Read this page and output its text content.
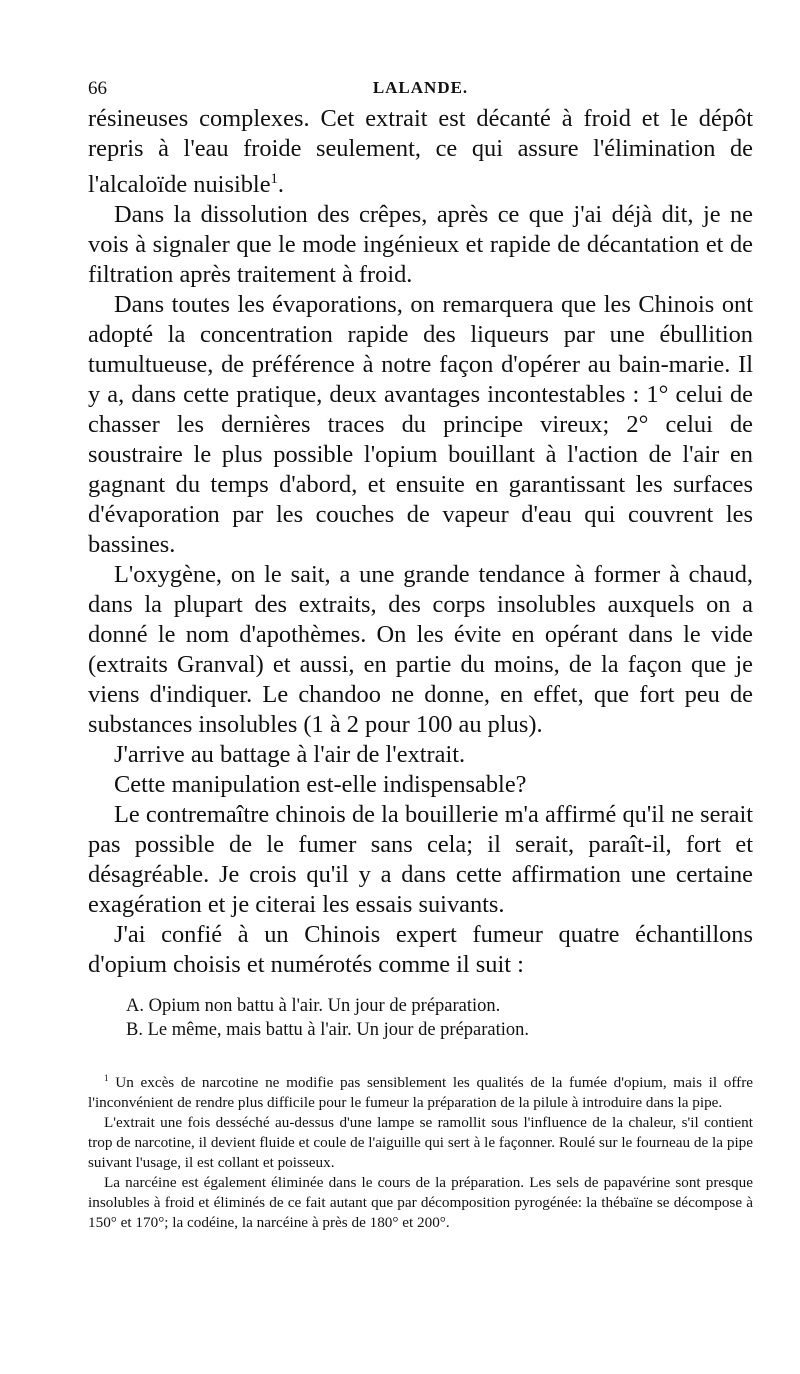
66	LALANDE.

résineuses complexes. Cet extrait est décanté à froid et le dépôt repris à l'eau froide seulement, ce qui assure l'élimination de l'alcaloïde nuisible$^1$.

Dans la dissolution des crêpes, après ce que j'ai déjà dit, je ne vois à signaler que le mode ingénieux et rapide de décantation et de filtration après traitement à froid.

Dans toutes les évaporations, on remarquera que les Chinois ont adopté la concentration rapide des liqueurs par une ébullition tumultueuse, de préférence à notre façon d'opérer au bain-marie. Il y a, dans cette pratique, deux avantages incontestables : 1° celui de chasser les dernières traces du principe vireux; 2° celui de soustraire le plus possible l'opium bouillant à l'action de l'air en gagnant du temps d'abord, et ensuite en garantissant les surfaces d'évaporation par les couches de vapeur d'eau qui couvrent les bassines.

L'oxygène, on le sait, a une grande tendance à former à chaud, dans la plupart des extraits, des corps insolubles auxquels on a donné le nom d'apothèmes. On les évite en opérant dans le vide (extraits Granval) et aussi, en partie du moins, de la façon que je viens d'indiquer. Le chandoo ne donne, en effet, que fort peu de substances insolubles (1 à 2 pour 100 au plus).

J'arrive au battage à l'air de l'extrait.

Cette manipulation est-elle indispensable?

Le contremaître chinois de la bouillerie m'a affirmé qu'il ne serait pas possible de le fumer sans cela; il serait, paraît-il, fort et désagréable. Je crois qu'il y a dans cette affirmation une certaine exagération et je citerai les essais suivants.

J'ai confié à un Chinois expert fumeur quatre échantillons d'opium choisis et numérotés comme il suit :

A. Opium non battu à l'air. Un jour de préparation.
B. Le même, mais battu à l'air. Un jour de préparation.

$^1$ Un excès de narcotine ne modifie pas sensiblement les qualités de la fumée d'opium, mais il offre l'inconvénient de rendre plus difficile pour le fumeur la préparation de la pilule à introduire dans la pipe.

L'extrait une fois desséché au-dessus d'une lampe se ramollit sous l'influence de la chaleur, s'il contient trop de narcotine, il devient fluide et coule de l'aiguille qui sert à le façonner. Roulé sur le fourneau de la pipe suivant l'usage, il est collant et poisseux.

La narcéine est également éliminée dans le cours de la préparation. Les sels de papavérine sont presque insolubles à froid et éliminés de ce fait autant que par décomposition pyrogénée: la thébaïne se décompose à 150° et 170°; la codéine, la narcéine à près de 180° et 200°.
